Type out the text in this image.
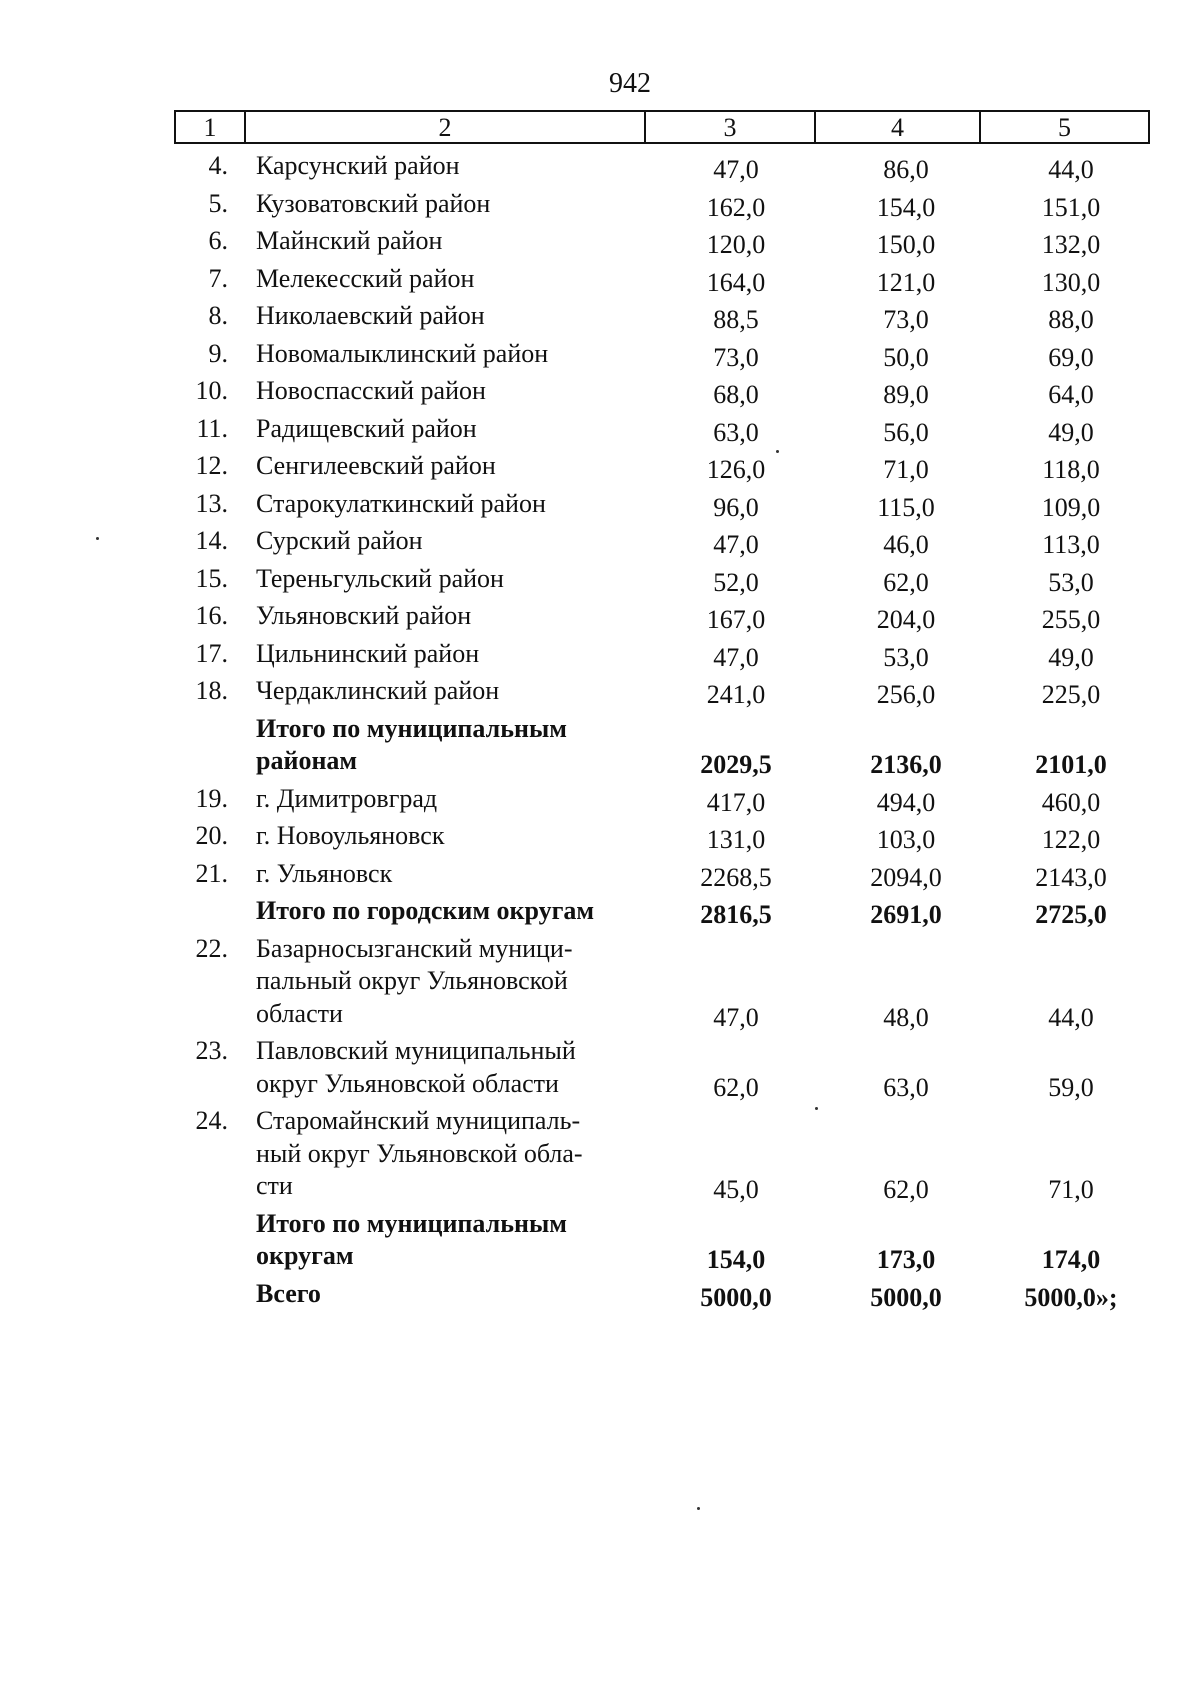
942
1	2	3	4	5
4. Карсунский район	47,0	86,0	44,0
5. Кузоватовский район	162,0	154,0	151,0
6. Майнский район	120,0	150,0	132,0
7. Мелекесский район	164,0	121,0	130,0
8. Николаевский район	88,5	73,0	88,0
9. Новомалыклинский район	73,0	50,0	69,0
10. Новоспасский район	68,0	89,0	64,0
11. Радищевский район	63,0	56,0	49,0
12. Сенгилеевский район	126,0	71,0	118,0
13. Старокулаткинский район	96,0	115,0	109,0
14. Сурский район	47,0	46,0	113,0
15. Тереньгульский район	52,0	62,0	53,0
16. Ульяновский район	167,0	204,0	255,0
17. Цильнинский район	47,0	53,0	49,0
18. Чердаклинский район	241,0	256,0	225,0
Итого по муниципальным
районам	2029,5	2136,0	2101,0
19. г. Димитровград	417,0	494,0	460,0
20. г. Новоульяновск	131,0	103,0	122,0
21. г. Ульяновск	2268,5	2094,0	2143,0
Итого по городским округам	2816,5	2691,0	2725,0
22. Базарносызганский муници-
пальный округ Ульяновской
области	47,0	48,0	44,0
23. Павловский муниципальный
округ Ульяновской области	62,0	63,0	59,0
24. Старомайнский муниципаль-
ный округ Ульяновской обла-
сти	45,0	62,0	71,0
Итого по муниципальным
округам	154,0	173,0	174,0
Всего	5000,0	5000,0	5000,0»;
